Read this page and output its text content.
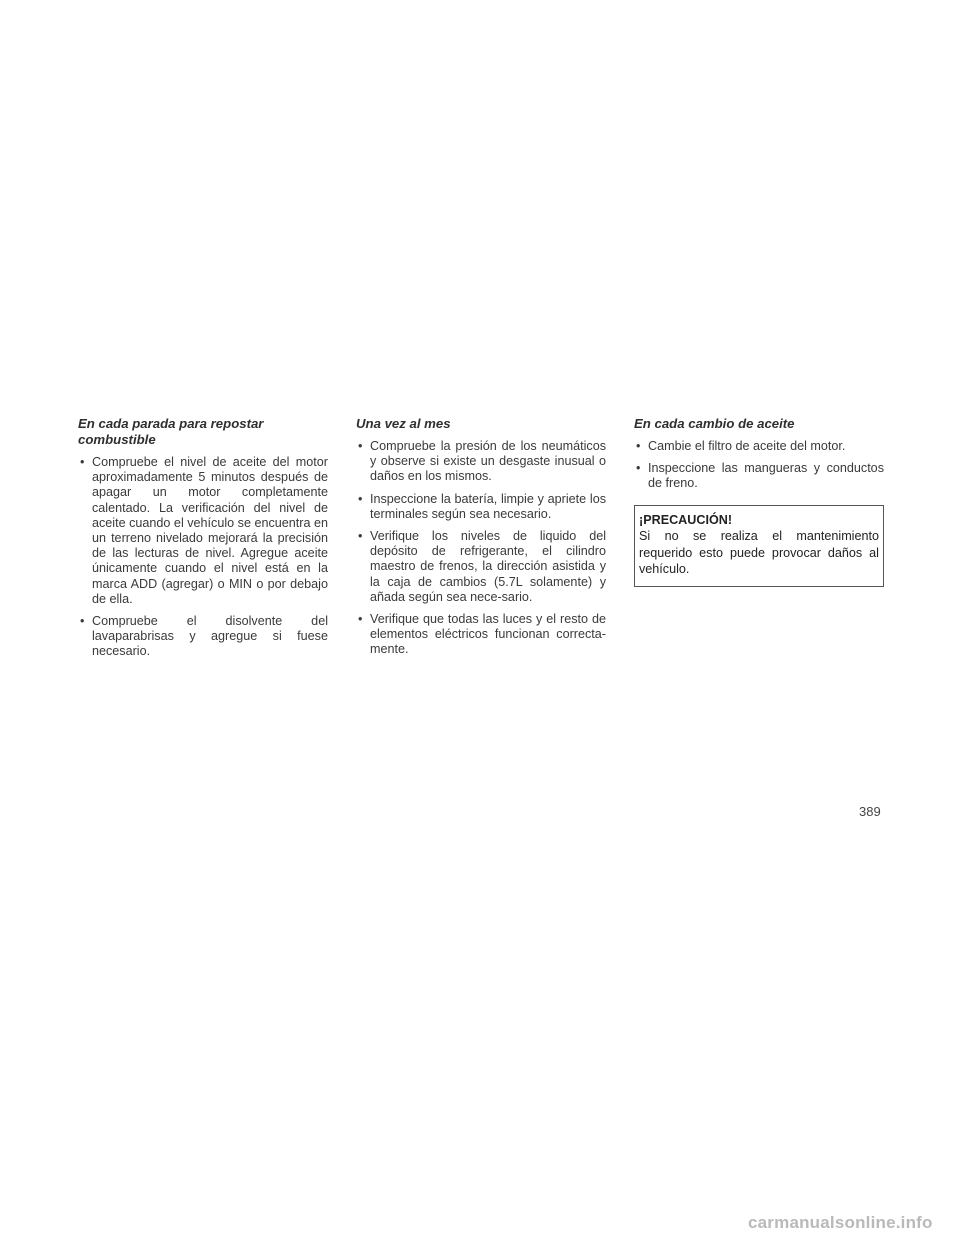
En cada parada para repostar combustible
• Compruebe el nivel de aceite del motor aproximadamente 5 minutos después de apagar un motor completamente calentado. La verificación del nivel de aceite cuando el vehículo se encuentra en un terreno nivelado mejorará la precisión de las lecturas de nivel. Agregue aceite únicamente cuando el nivel está en la marca ADD (agregar) o MIN o por debajo de ella.
• Compruebe el disolvente del lavaparabrisas y agregue si fuese necesario.
Una vez al mes
• Compruebe la presión de los neumáticos y observe si existe un desgaste inusual o daños en los mismos.
• Inspeccione la batería, limpie y apriete los terminales según sea necesario.
• Verifique los niveles de liquido del depósito de refrigerante, el cilindro maestro de frenos, la dirección asistida y la caja de cambios (5.7L solamente) y añada según sea nece-sario.
• Verifique que todas las luces y el resto de elementos eléctricos funcionan correcta-mente.
En cada cambio de aceite
• Cambie el filtro de aceite del motor.
• Inspeccione las mangueras y conductos de freno.
¡PRECAUCIÓN!
Si no se realiza el mantenimiento requerido esto puede provocar daños al vehículo.
389
carmanualsonline.info
